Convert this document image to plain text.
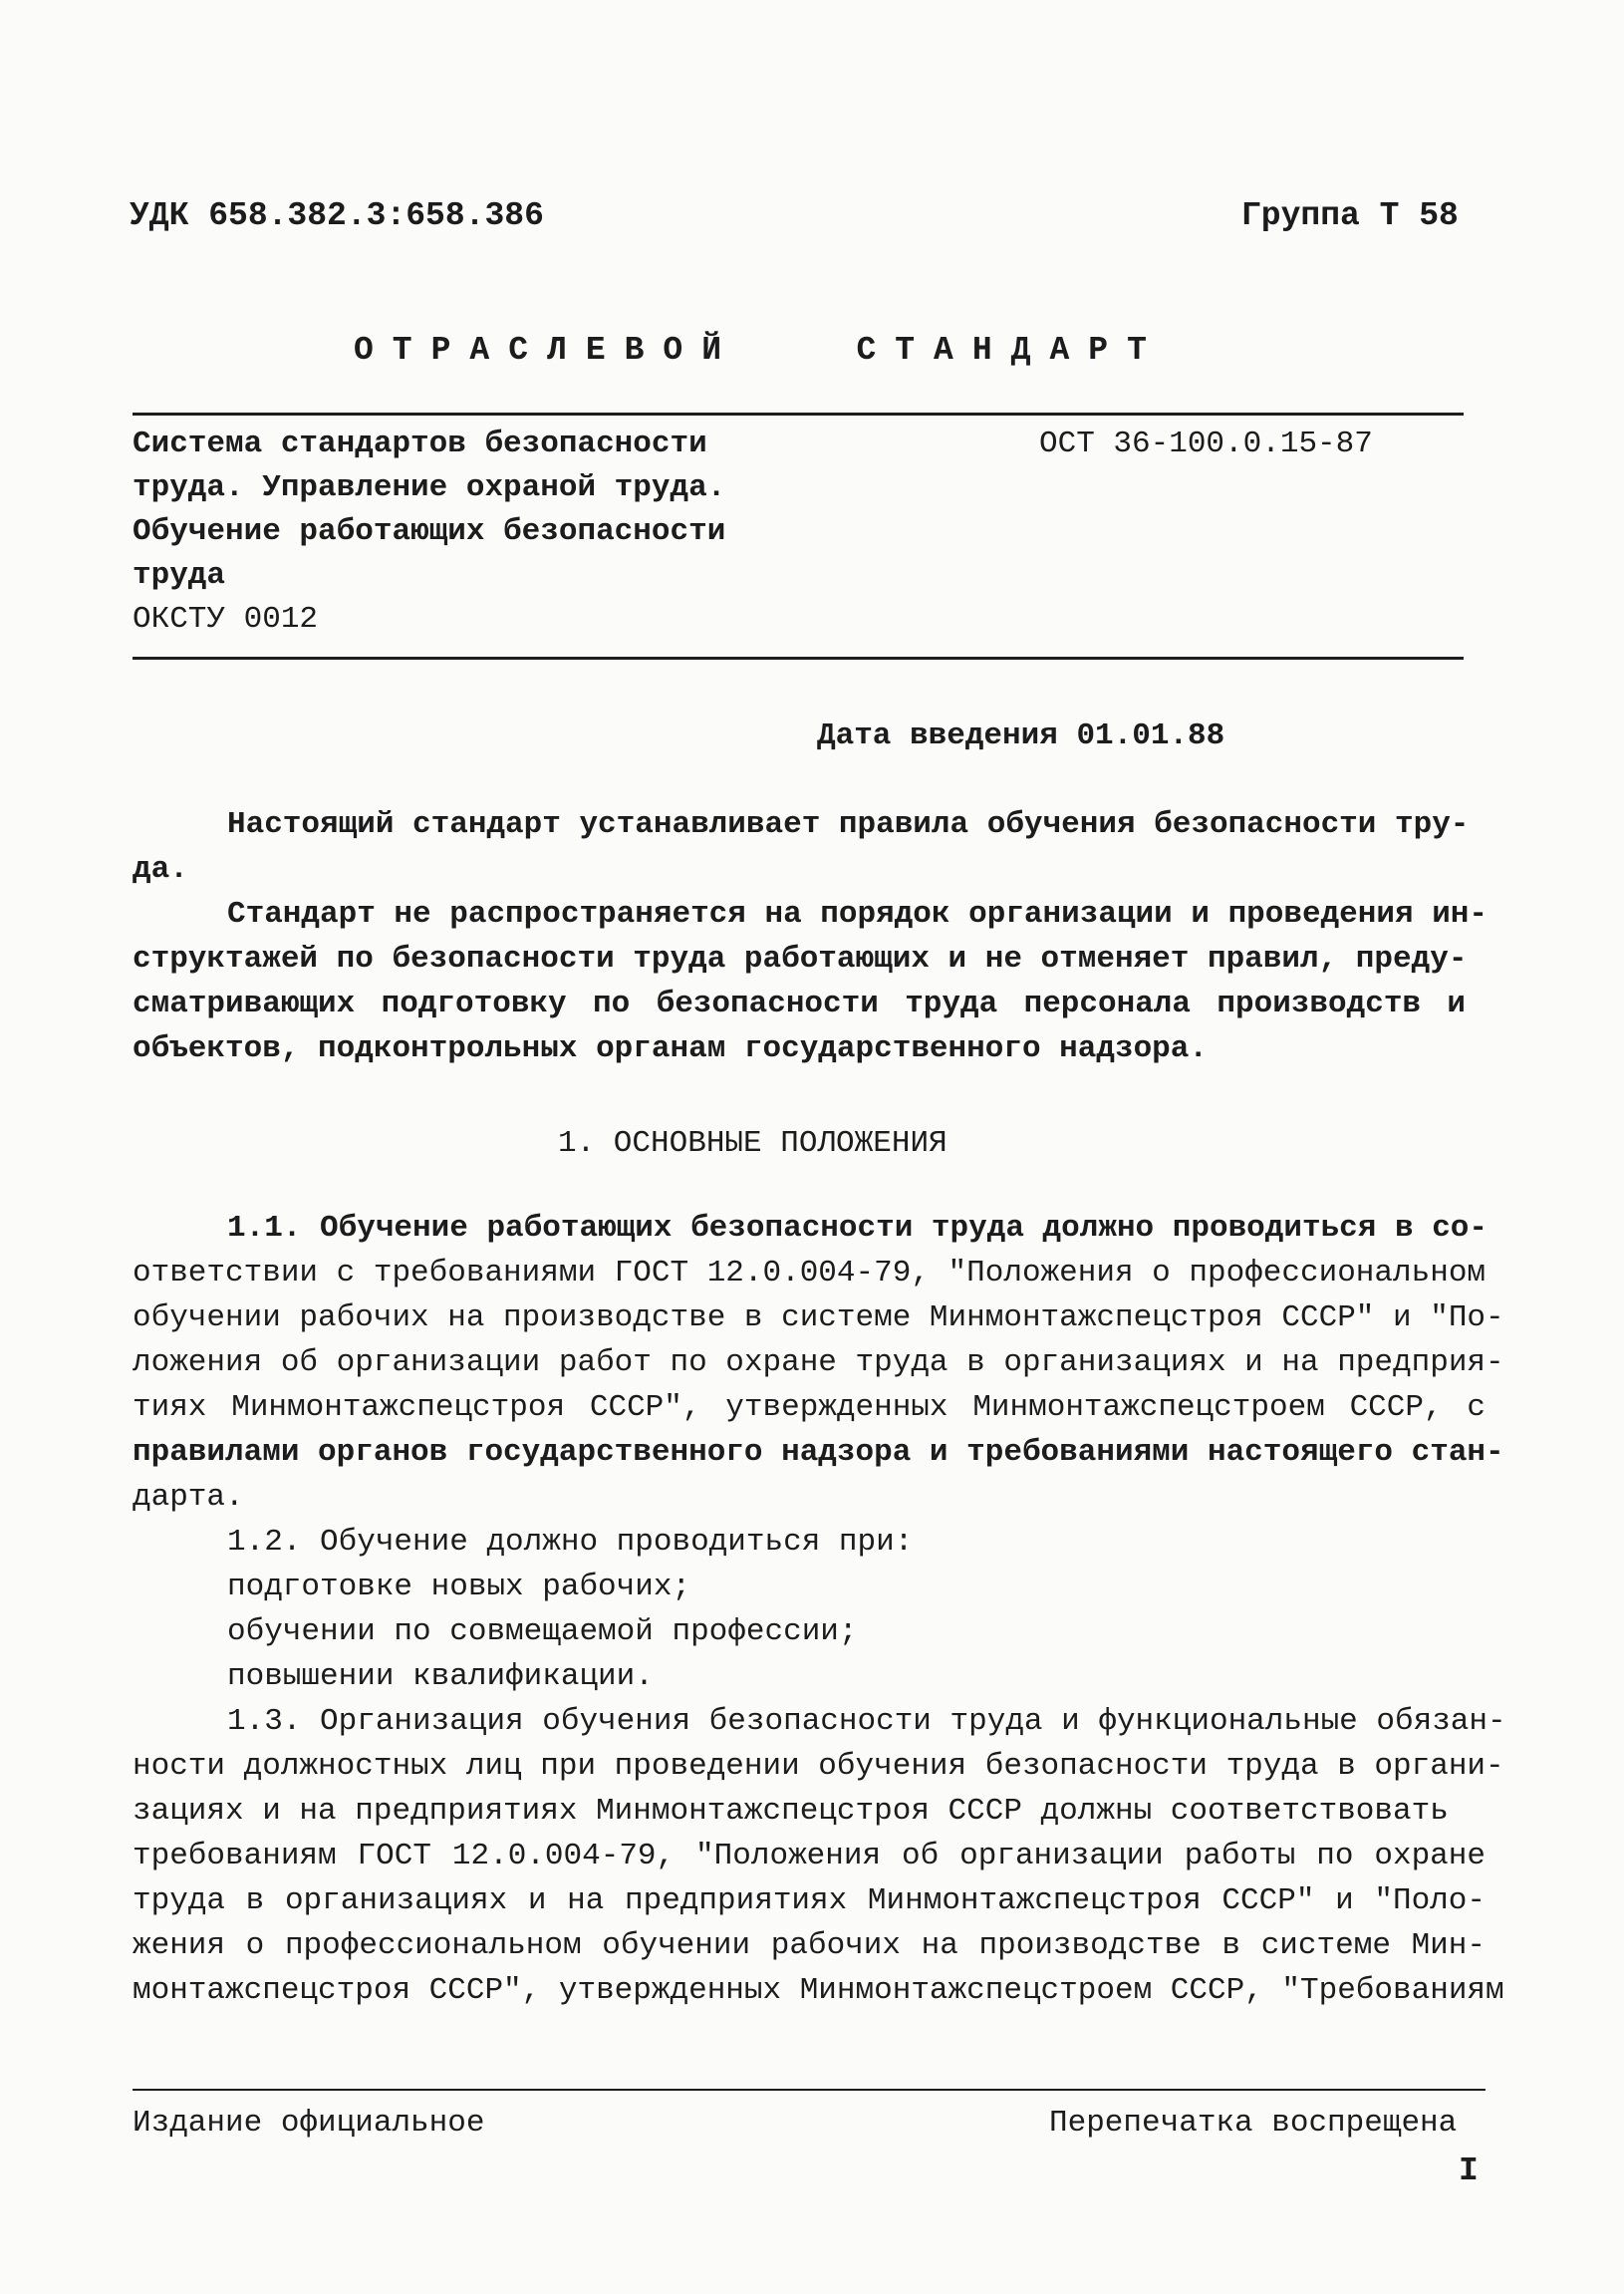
УДК 658.382.3:658.386	Группа Т 58
ОТРАСЛЕВОЙ   СТАНДАРТ
Система стандартов безопасности
труда. Управление охраной труда.
Обучение работающих безопасности
труда
ОКСТУ 0012
ОСТ 36-100.0.15-87
Дата введения 01.01.88
Настоящий стандарт устанавливает правила обучения безопасности тру-
да.
Стандарт не распространяется на порядок организации и проведения ин-
структажей по безопасности труда работающих и не отменяет правил, преду-
сматривающих подготовку по безопасности труда персонала производств и
объектов, подконтрольных органам государственного надзора.
1. ОСНОВНЫЕ ПОЛОЖЕНИЯ
1.1. Обучение работающих безопасности труда должно проводиться в со-
ответствии с требованиями ГОСТ 12.0.004-79, "Положения о профессиональном
обучении рабочих на производстве в системе Минмонтажспецстроя СССР" и "По-
ложения об организации работ по охране труда в организациях и на предприя-
тиях Минмонтажспецстроя СССР", утвержденных Минмонтажспецстроем СССР, с
правилами органов государственного надзора и требованиями настоящего стан-
дарта.
1.2. Обучение должно проводиться при:
подготовке новых рабочих;
обучении по совмещаемой профессии;
повышении квалификации.
1.3. Организация обучения безопасности труда и функциональные обязан-
ности должностных лиц при проведении обучения безопасности труда в органи-
зациях и на предприятиях Минмонтажспецстроя СССР должны соответствовать
требованиям ГОСТ 12.0.004-79, "Положения об организации работы по охране
труда в организациях и на предприятиях Минмонтажспецстроя СССР" и "Поло-
жения о профессиональном обучении рабочих на производстве в системе Мин-
монтажспецстроя СССР", утвержденных Минмонтажспецстроем СССР, "Требованиям
Издание официальное	Перепечатка воспрещена
I
